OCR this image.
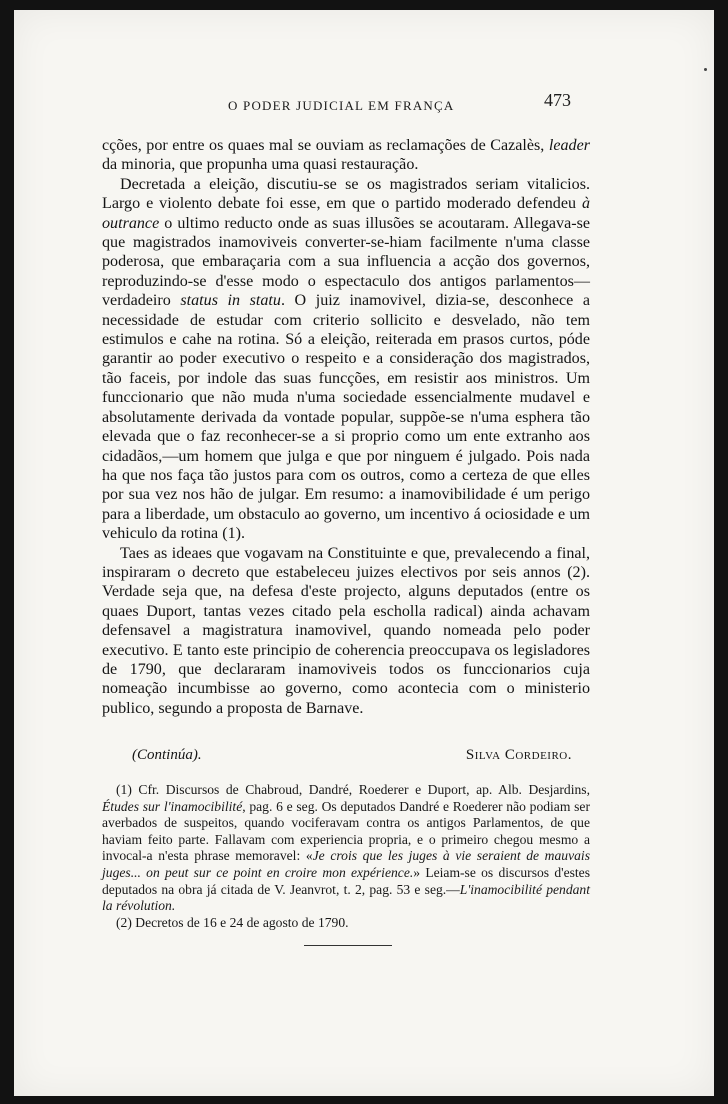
O PODER JUDICIAL EM FRANÇA	473

cções, por entre os quaes mal se ouviam as reclamações de Cazalès, leader da minoria, que propunha uma quasi restauração.

Decretada a eleição, discutiu-se se os magistrados seriam vitalicios. Largo e violento debate foi esse, em que o partido moderado defendeu à outrance o ultimo reducto onde as suas illusões se acoutaram. Allegava-se que magistrados inamoviveis converter-se-hiam facilmente n'uma classe poderosa, que embaraçaria com a sua influencia a acção dos governos, reproduzindo-se d'esse modo o espectaculo dos antigos parlamentos—verdadeiro status in statu. O juiz inamovivel, dizia-se, desconhece a necessidade de estudar com criterio sollicito e desvelado, não tem estimulos e cahe na rotina. Só a eleição, reiterada em prasos curtos, póde garantir ao poder executivo o respeito e a consideração dos magistrados, tão faceis, por indole das suas funcções, em resistir aos ministros. Um funccionario que não muda n'uma sociedade essencialmente mudavel e absolutamente derivada da vontade popular, suppõe-se n'uma esphera tão elevada que o faz reconhecer-se a si proprio como um ente extranho aos cidadãos,—um homem que julga e que por ninguem é julgado. Pois nada ha que nos faça tão justos para com os outros, como a certeza de que elles por sua vez nos hão de julgar. Em resumo: a inamovibilidade é um perigo para a liberdade, um obstaculo ao governo, um incentivo á ociosidade e um vehiculo da rotina (1).

Taes as ideaes que vogavam na Constituinte e que, prevalecendo a final, inspiraram o decreto que estabeleceu juizes electivos por seis annos (2). Verdade seja que, na defesa d'este projecto, alguns deputados (entre os quaes Duport, tantas vezes citado pela escholla radical) ainda achavam defensavel a magistratura inamovivel, quando nomeada pelo poder executivo. E tanto este principio de coherencia preoccupava os legisladores de 1790, que declararam inamoviveis todos os funccionarios cuja nomeação incumbisse ao governo, como acontecia com o ministerio publico, segundo a proposta de Barnave.

(Continúa).	Silva Cordeiro.

(1) Cfr. Discursos de Chabroud, Dandré, Roederer e Duport, ap. Alb. Desjardins, Études sur l'inamocibilité, pag. 6 e seg. Os deputados Dandré e Roederer não podiam ser averbados de suspeitos, quando vociferavam contra os antigos Parlamentos, de que haviam feito parte. Fallavam com experiencia propria, e o primeiro chegou mesmo a invocal-a n'esta phrase memoravel: «Je crois que les juges à vie seraient de mauvais juges... on peut sur ce point en croire mon expérience.» Leiam-se os discursos d'estes deputados na obra já citada de V. Jeanvrot, t. 2, pag. 53 e seg.—L'inamocibilité pendant la révolution.

(2) Decretos de 16 e 24 de agosto de 1790.
